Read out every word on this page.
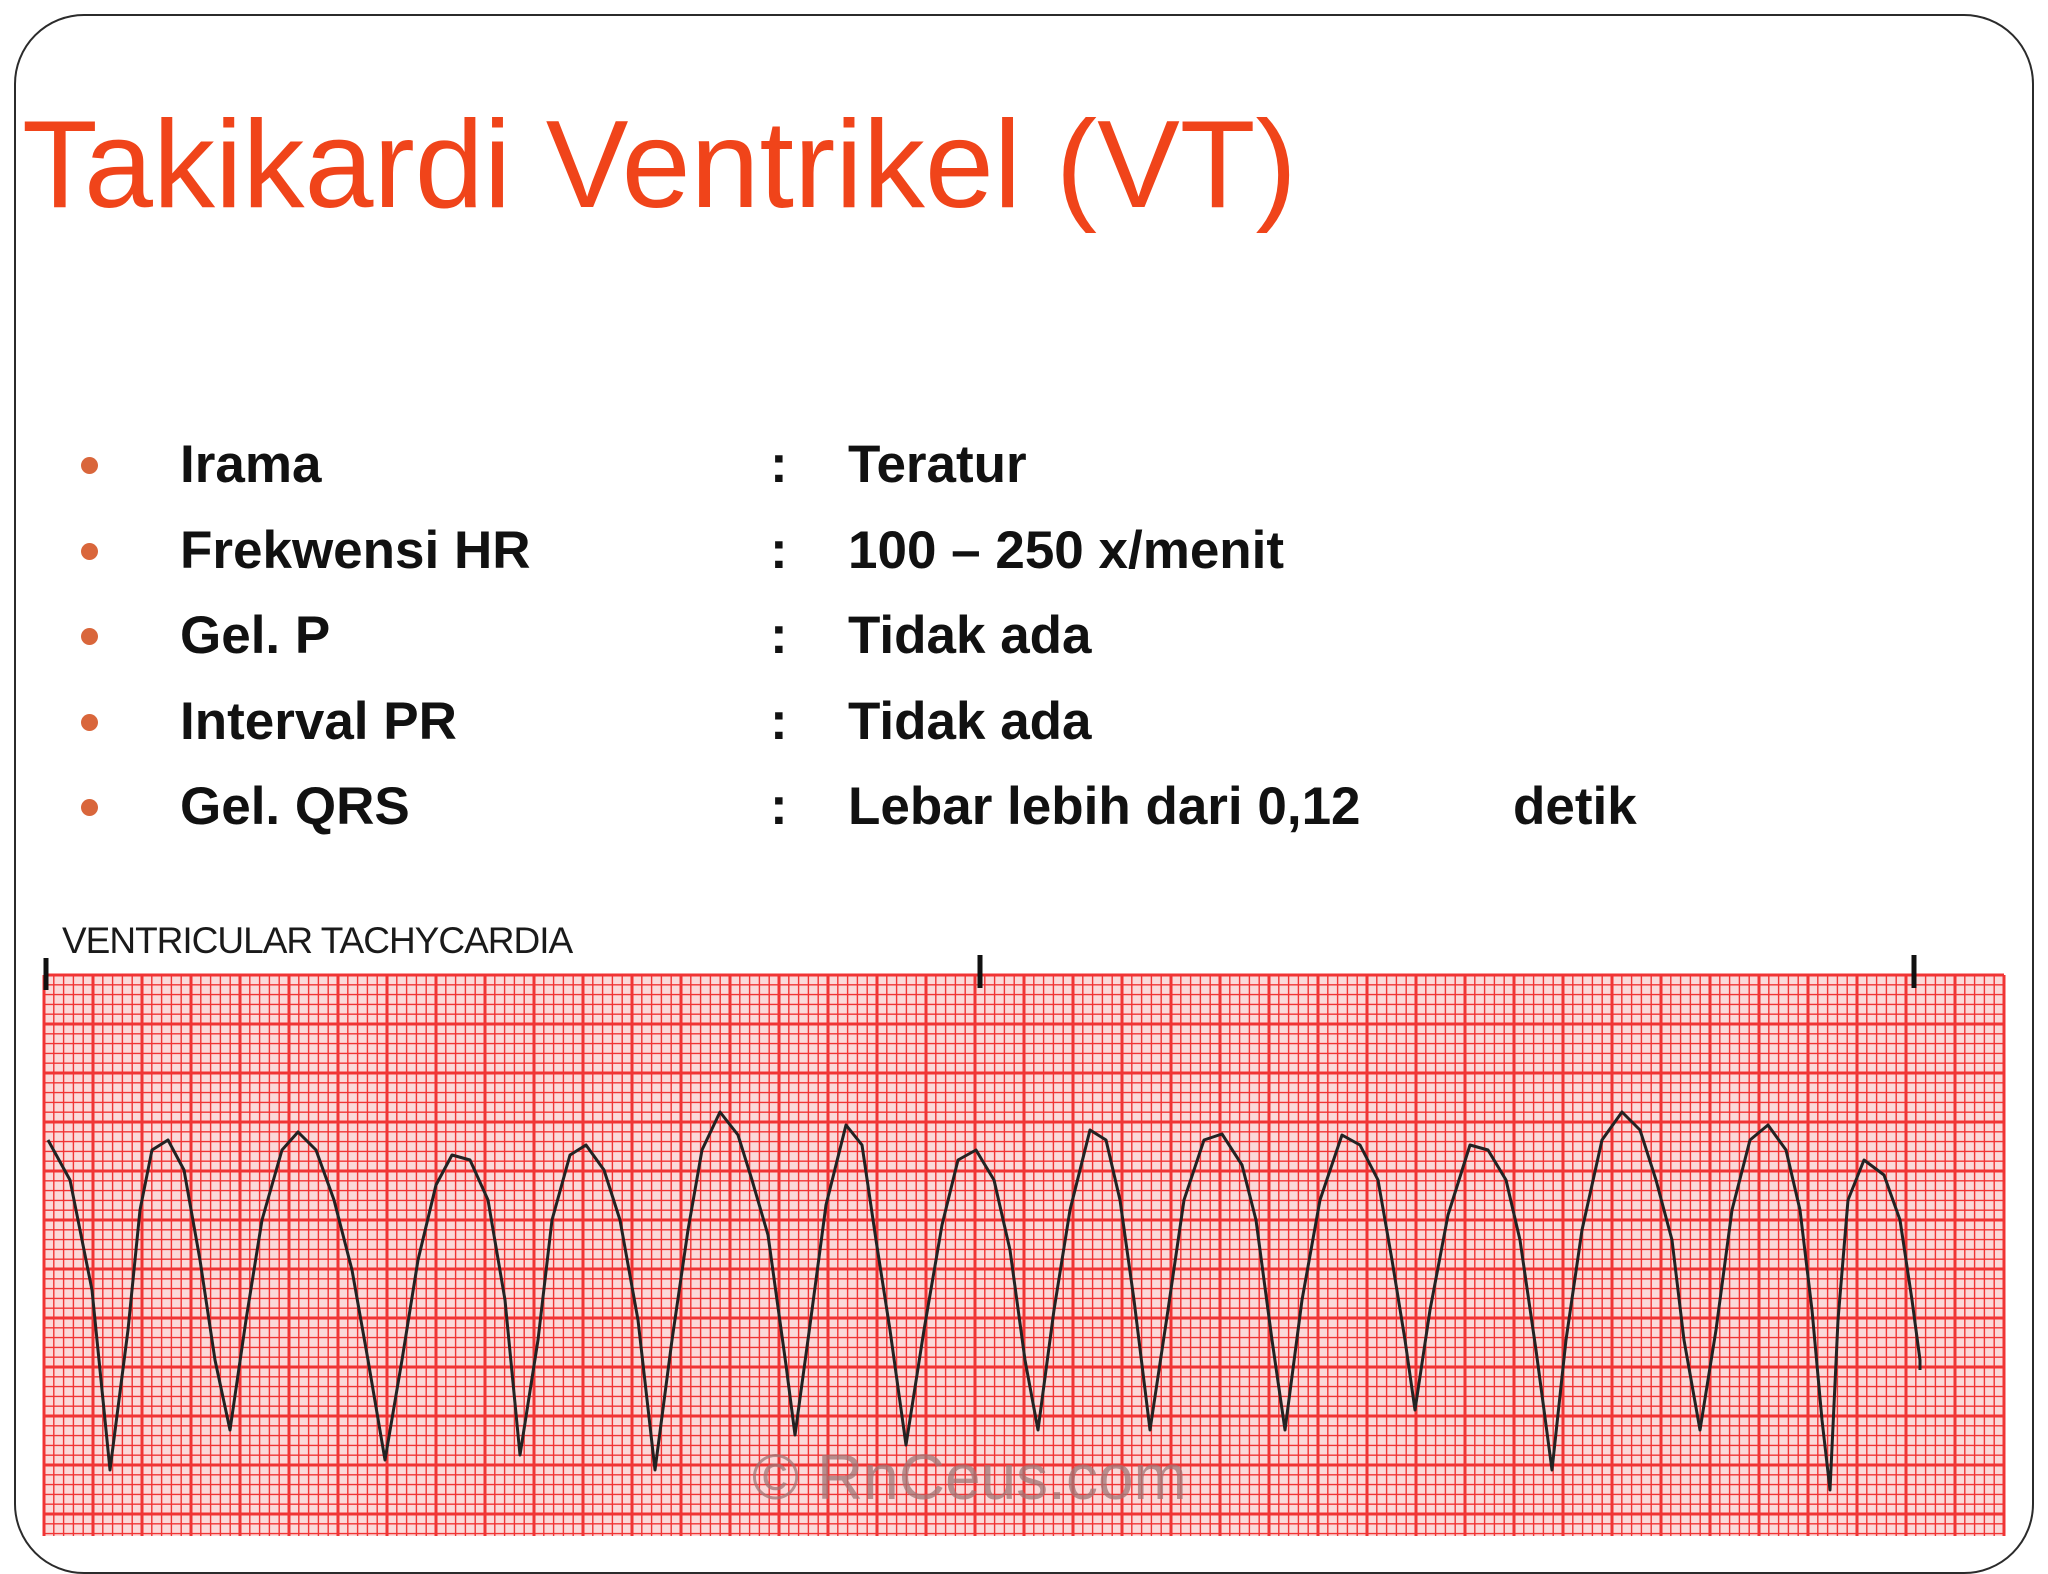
Takikardi Ventrikel (VT)
Irama	: Teratur
Frekwensi HR	: 100 – 250 x/menit
Gel. P	: Tidak ada
Interval PR	: Tidak ada
Gel. QRS	: Lebar lebih dari 0,12	detik
VENTRICULAR TACHYCARDIA
© RnCeus.com
